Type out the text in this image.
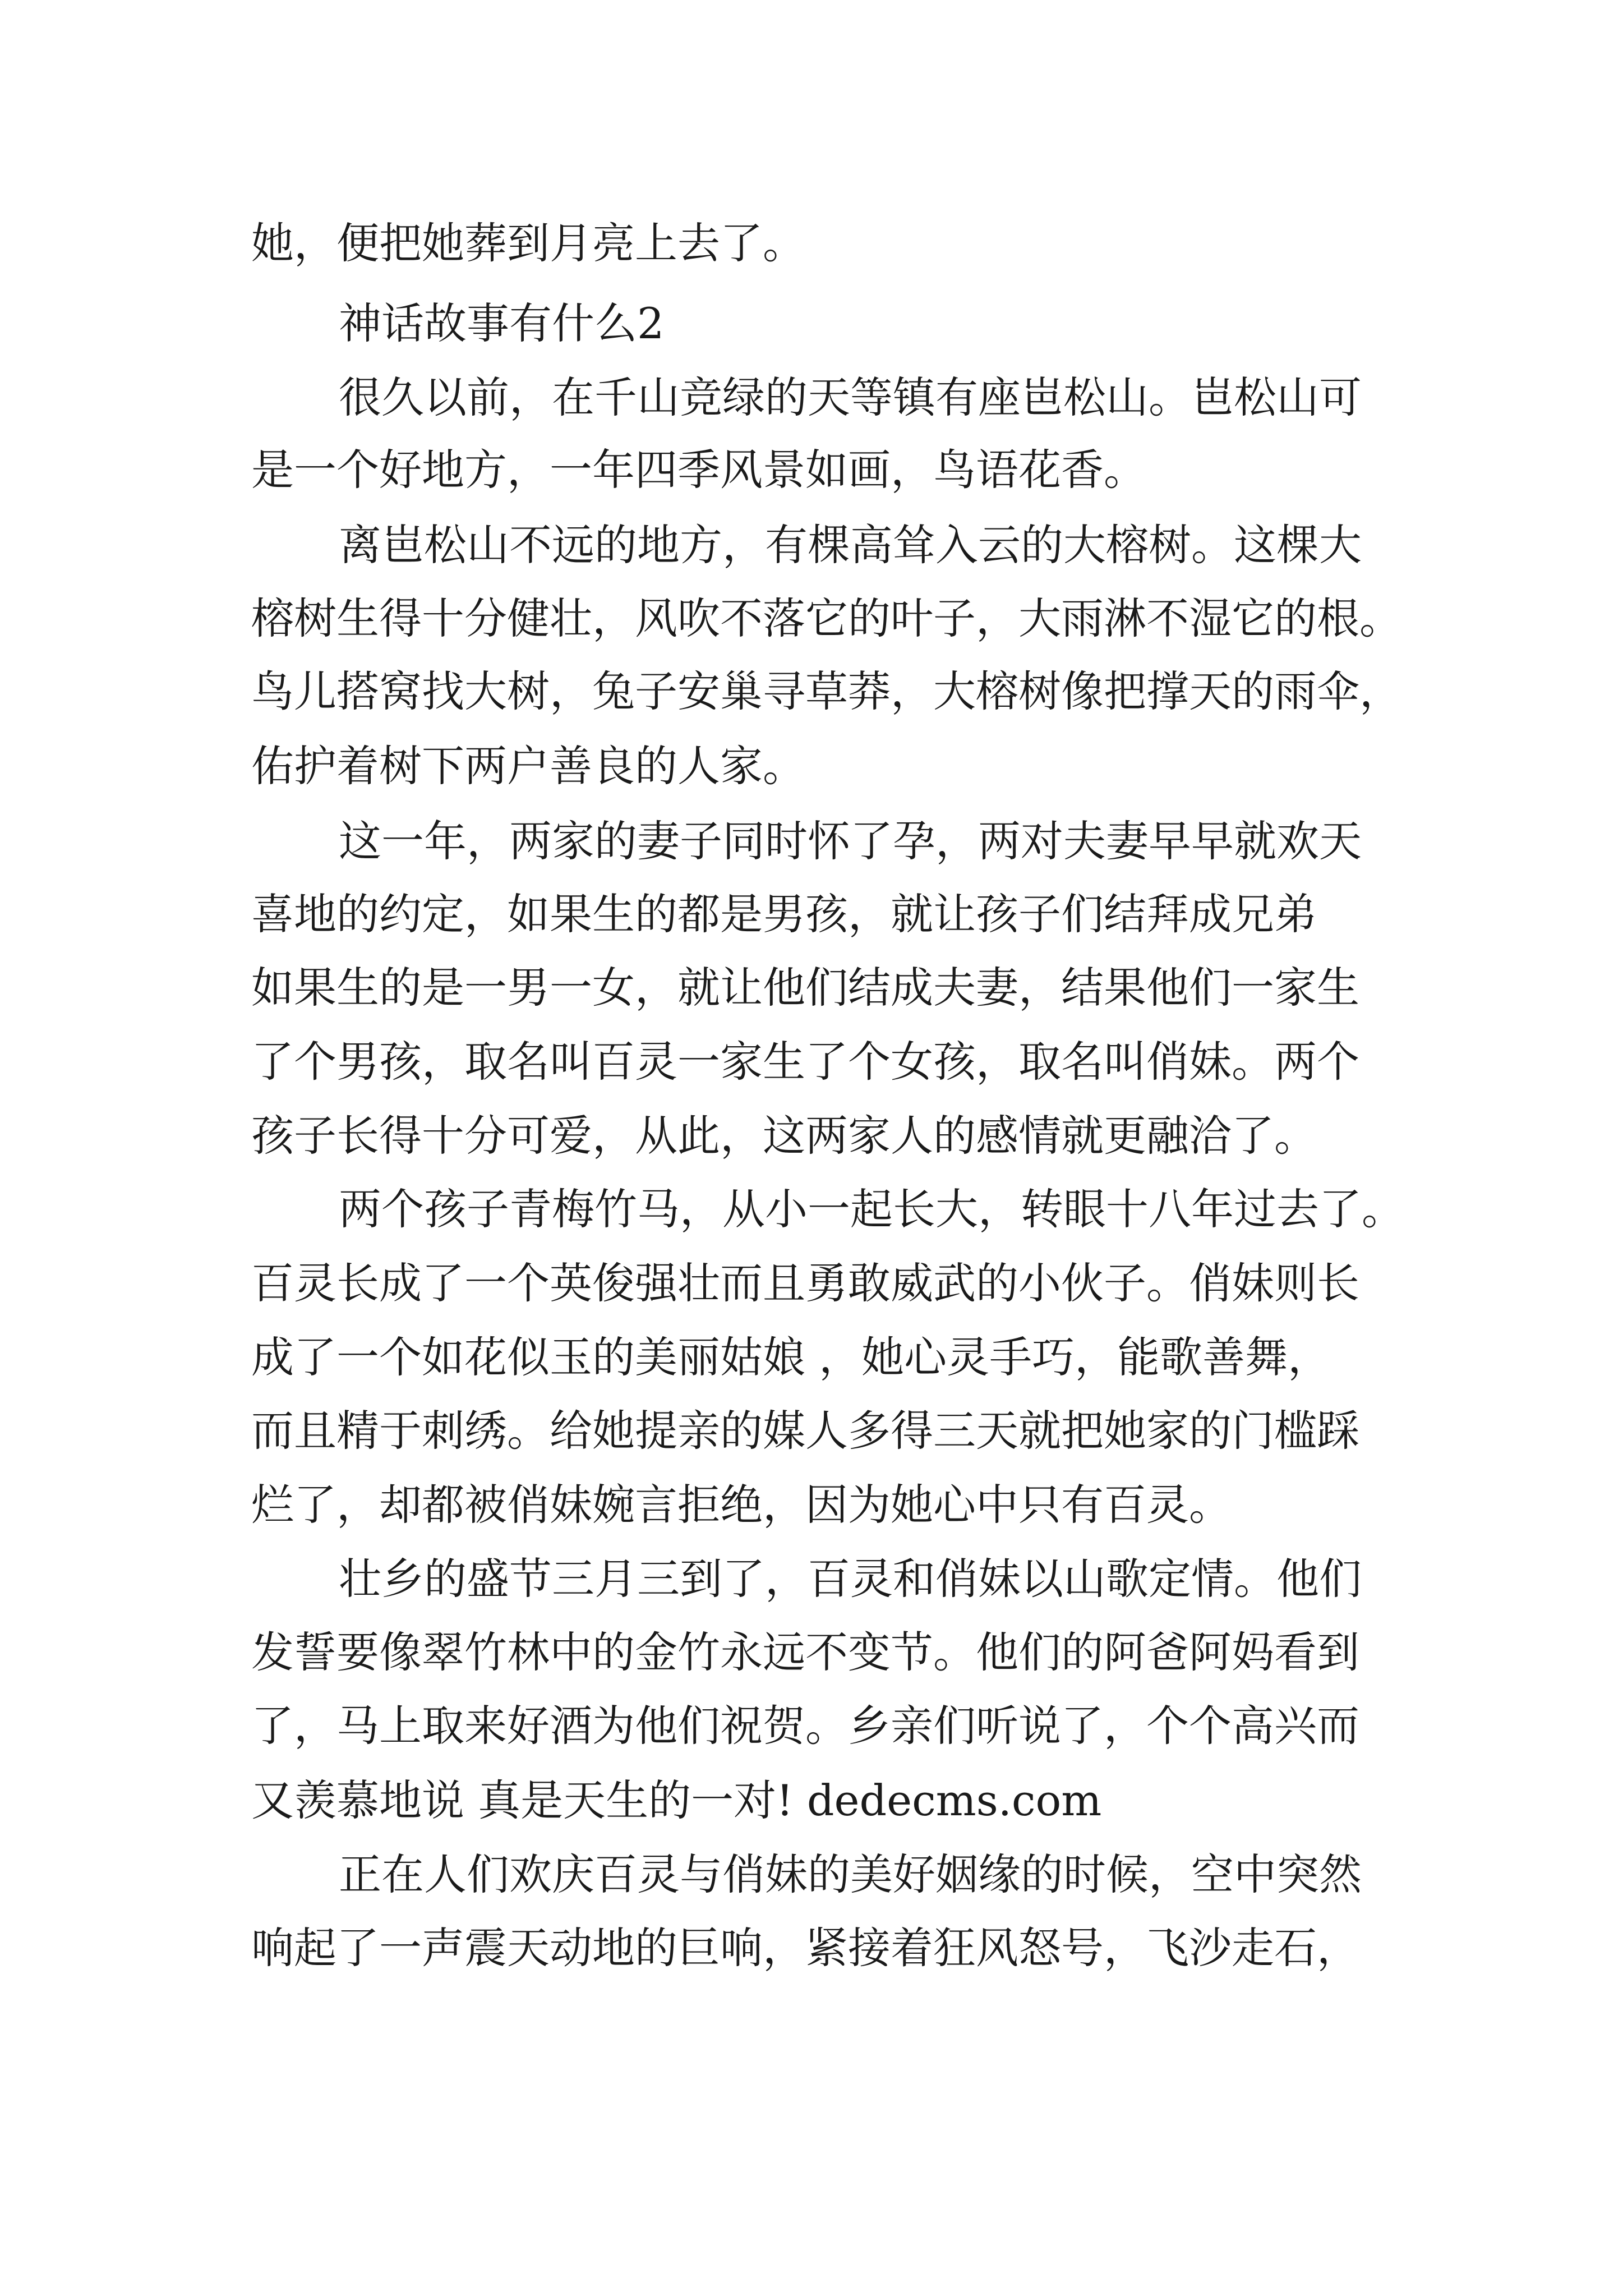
她，便把她葬到月亮上去了。

神话故事有什么2

很久以前，在千山竞绿的天等镇有座岜松山。岜松山可

是一个好地方，一年四季风景如画，鸟语花香。

离岜松山不远的地方，有棵高耸入云的大榕树。这棵大

榕树生得十分健壮，风吹不落它的叶子，大雨淋不湿它的根。

鸟儿搭窝找大树，兔子安巢寻草莽，大榕树像把撑天的雨伞，

佑护着树下两户善良的人家。

这一年，两家的妻子同时怀了孕，两对夫妻早早就欢天

喜地的约定，如果生的都是男孩，就让孩子们结拜成兄弟

如果生的是一男一女，就让他们结成夫妻，结果他们一家生

了个男孩，取名叫百灵一家生了个女孩，取名叫俏妹。两个

孩子长得十分可爱，从此，这两家人的感情就更融洽了。

两个孩子青梅竹马，从小一起长大，转眼十八年过去了。

百灵长成了一个英俊强壮而且勇敢威武的小伙子。俏妹则长

成了一个如花似玉的美丽姑娘 ，她心灵手巧，能歌善舞，

而且精于刺绣。给她提亲的媒人多得三天就把她家的门槛踩

烂了，却都被俏妹婉言拒绝，因为她心中只有百灵。

壮乡的盛节三月三到了，百灵和俏妹以山歌定情。他们

发誓要像翠竹林中的金竹永远不变节。他们的阿爸阿妈看到

了，马上取来好酒为他们祝贺。乡亲们听说了，个个高兴而

又羡慕地说 真是天生的一对! dedecms.com

正在人们欢庆百灵与俏妹的美好姻缘的时候，空中突然

响起了一声震天动地的巨响，紧接着狂风怒号，飞沙走石，
